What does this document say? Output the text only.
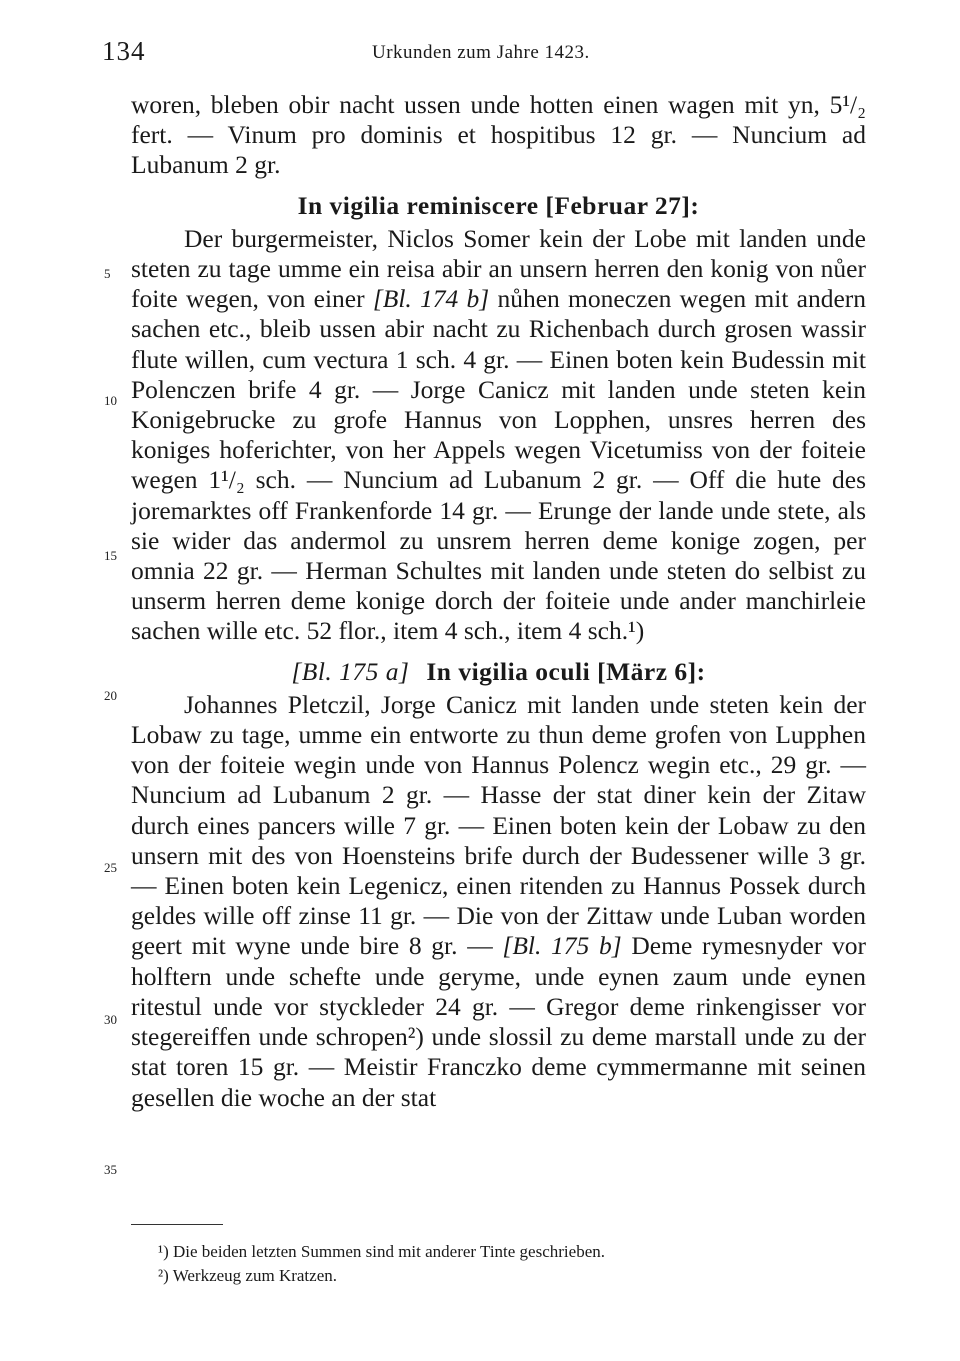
134	Urkunden zum Jahre 1423.
5
10
15
20
25
30
35

woren, bleben obir nacht ussen unde hotten einen wagen mit yn, 5¹/₂ fert. — Vinum pro dominis et hospitibus 12 gr. — Nuncium ad Lubanum 2 gr.

In vigilia reminiscere [Februar 27]:

Der burgermeister, Niclos Somer kein der Lobe mit landen unde steten zu tage umme ein reisa abir an unsern herren den konig von nůer foite wegen, von einer [Bl. 174 b] nůhen moneczen wegen mit andern sachen etc., bleib ussen abir nacht zu Richenbach durch grosen wassir flute willen, cum vectura 1 sch. 4 gr. — Einen boten kein Budessin mit Polenczen brife 4 gr. — Jorge Canicz mit landen unde steten kein Konigebrucke zu grofe Hannus von Lopphen, unsres herren des koniges hoferichter, von her Appels wegen Vicetumiss von der foiteie wegen 1¹/₂ sch. — Nuncium ad Lubanum 2 gr. — Off die hute des joremarktes off Frankenforde 14 gr. — Erunge der lande unde stete, als sie wider das andermol zu unsrem herren deme konige zogen, per omnia 22 gr. — Herman Schultes mit landen unde steten do selbist zu unserm herren deme konige dorch der foiteie unde ander manchirleie sachen wille etc. 52 flor., item 4 sch., item 4 sch.¹)

[Bl. 175 a] In vigilia oculi [März 6]:

Johannes Pletczil, Jorge Canicz mit landen unde steten kein der Lobaw zu tage, umme ein entworte zu thun deme grofen von Lupphen von der foiteie wegin unde von Hannus Polencz wegin etc., 29 gr. — Nuncium ad Lubanum 2 gr. — Hasse der stat diner kein der Zitaw durch eines pancers wille 7 gr. — Einen boten kein der Lobaw zu den unsern mit des von Hoensteins brife durch der Budessener wille 3 gr. — Einen boten kein Legenicz, einen ritenden zu Hannus Possek durch geldes wille off zinse 11 gr. — Die von der Zittaw unde Luban worden geert mit wyne unde bire 8 gr. — [Bl. 175 b] Deme rymesnyder vor holftern unde schefte unde geryme, unde eynen zaum unde eynen ritestul unde vor styckleder 24 gr. — Gregor deme rinkengisser vor stegereiffen unde schropen²) unde slossil zu deme marstall unde zu der stat toren 15 gr. — Meistir Franczko deme cymmermanne mit seinen gesellen die woche an der stat

¹) Die beiden letzten Summen sind mit anderer Tinte geschrieben.

²) Werkzeug zum Kratzen.
